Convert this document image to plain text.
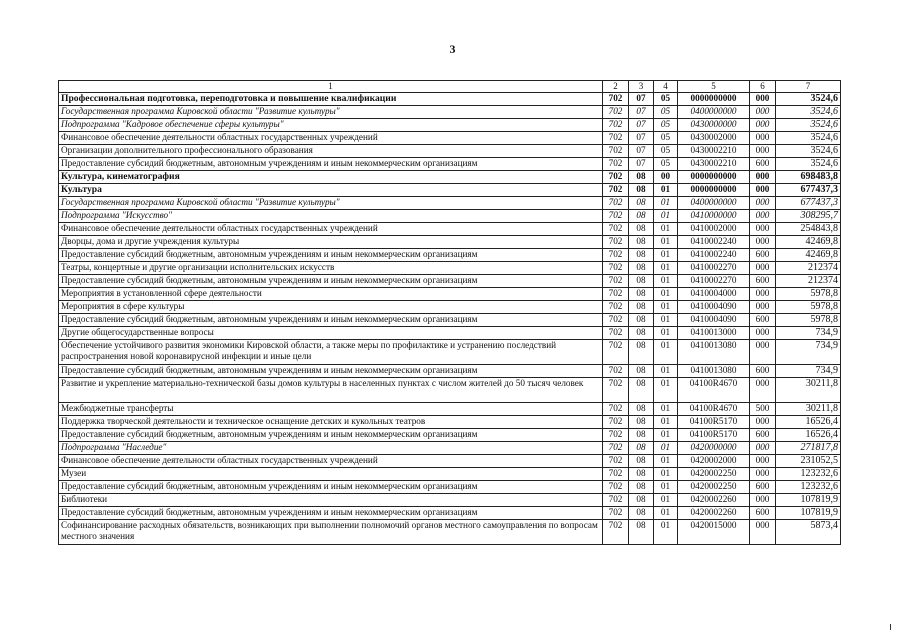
3
1	2	3	4	5	6	7
Профессиональная подготовка, переподготовка и повышение квалификации	702	07	05	0000000000	000	3524,6
Государственная программа Кировской области "Развитие культуры"	702	07	05	0400000000	000	3524,6
Подпрограмма "Кадровое обеспечение сферы культуры"	702	07	05	0430000000	000	3524,6
Финансовое обеспечение деятельности областных государственных учреждений	702	07	05	0430002000	000	3524,6
Организации дополнительного профессионального образования	702	07	05	0430002210	000	3524,6
Предоставление субсидий бюджетным, автономным учреждениям и иным некоммерческим организациям	702	07	05	0430002210	600	3524,6
Культура, кинематография	702	08	00	0000000000	000	698483,8
Культура	702	08	01	0000000000	000	677437,3
Государственная программа Кировской области "Развитие культуры"	702	08	01	0400000000	000	677437,3
Подпрограмма "Искусство"	702	08	01	0410000000	000	308295,7
Финансовое обеспечение деятельности областных государственных учреждений	702	08	01	0410002000	000	254843,8
Дворцы, дома и другие учреждения культуры	702	08	01	0410002240	000	42469,8
Предоставление субсидий бюджетным, автономным учреждениям и иным некоммерческим организациям	702	08	01	0410002240	600	42469,8
Театры, концертные и другие организации исполнительских искусств	702	08	01	0410002270	000	212374
Предоставление субсидий бюджетным, автономным учреждениям и иным некоммерческим организациям	702	08	01	0410002270	600	212374
Мероприятия в установленной сфере деятельности	702	08	01	0410004000	000	5978,8
Мероприятия в сфере культуры	702	08	01	0410004090	000	5978,8
Предоставление субсидий бюджетным, автономным учреждениям и иным некоммерческим организациям	702	08	01	0410004090	600	5978,8
Другие общегосударственные вопросы	702	08	01	0410013000	000	734,9
Обеспечение устойчивого развития экономики Кировской области, а также меры по профилактике и устранению последствий распространения новой коронавирусной инфекции и иные цели	702	08	01	0410013080	000	734,9
Предоставление субсидий бюджетным, автономным учреждениям и иным некоммерческим организациям	702	08	01	0410013080	600	734,9
Развитие и укрепление материально-технической базы домов культуры в населенных пунктах с числом жителей до 50 тысяч человек	702	08	01	04100R4670	000	30211,8
Межбюджетные трансферты	702	08	01	04100R4670	500	30211,8
Поддержка творческой деятельности и техническое оснащение детских и кукольных театров	702	08	01	04100R5170	000	16526,4
Предоставление субсидий бюджетным, автономным учреждениям и иным некоммерческим организациям	702	08	01	04100R5170	600	16526,4
Подпрограмма "Наследие"	702	08	01	0420000000	000	271817,8
Финансовое обеспечение деятельности областных государственных учреждений	702	08	01	0420002000	000	231052,5
Музеи	702	08	01	0420002250	000	123232,6
Предоставление субсидий бюджетным, автономным учреждениям и иным некоммерческим организациям	702	08	01	0420002250	600	123232,6
Библиотеки	702	08	01	0420002260	000	107819,9
Предоставление субсидий бюджетным, автономным учреждениям и иным некоммерческим организациям	702	08	01	0420002260	600	107819,9
Софинансирование расходных обязательств, возникающих при выполнении полномочий органов местного самоуправления по вопросам местного значения	702	08	01	0420015000	000	5873,4
